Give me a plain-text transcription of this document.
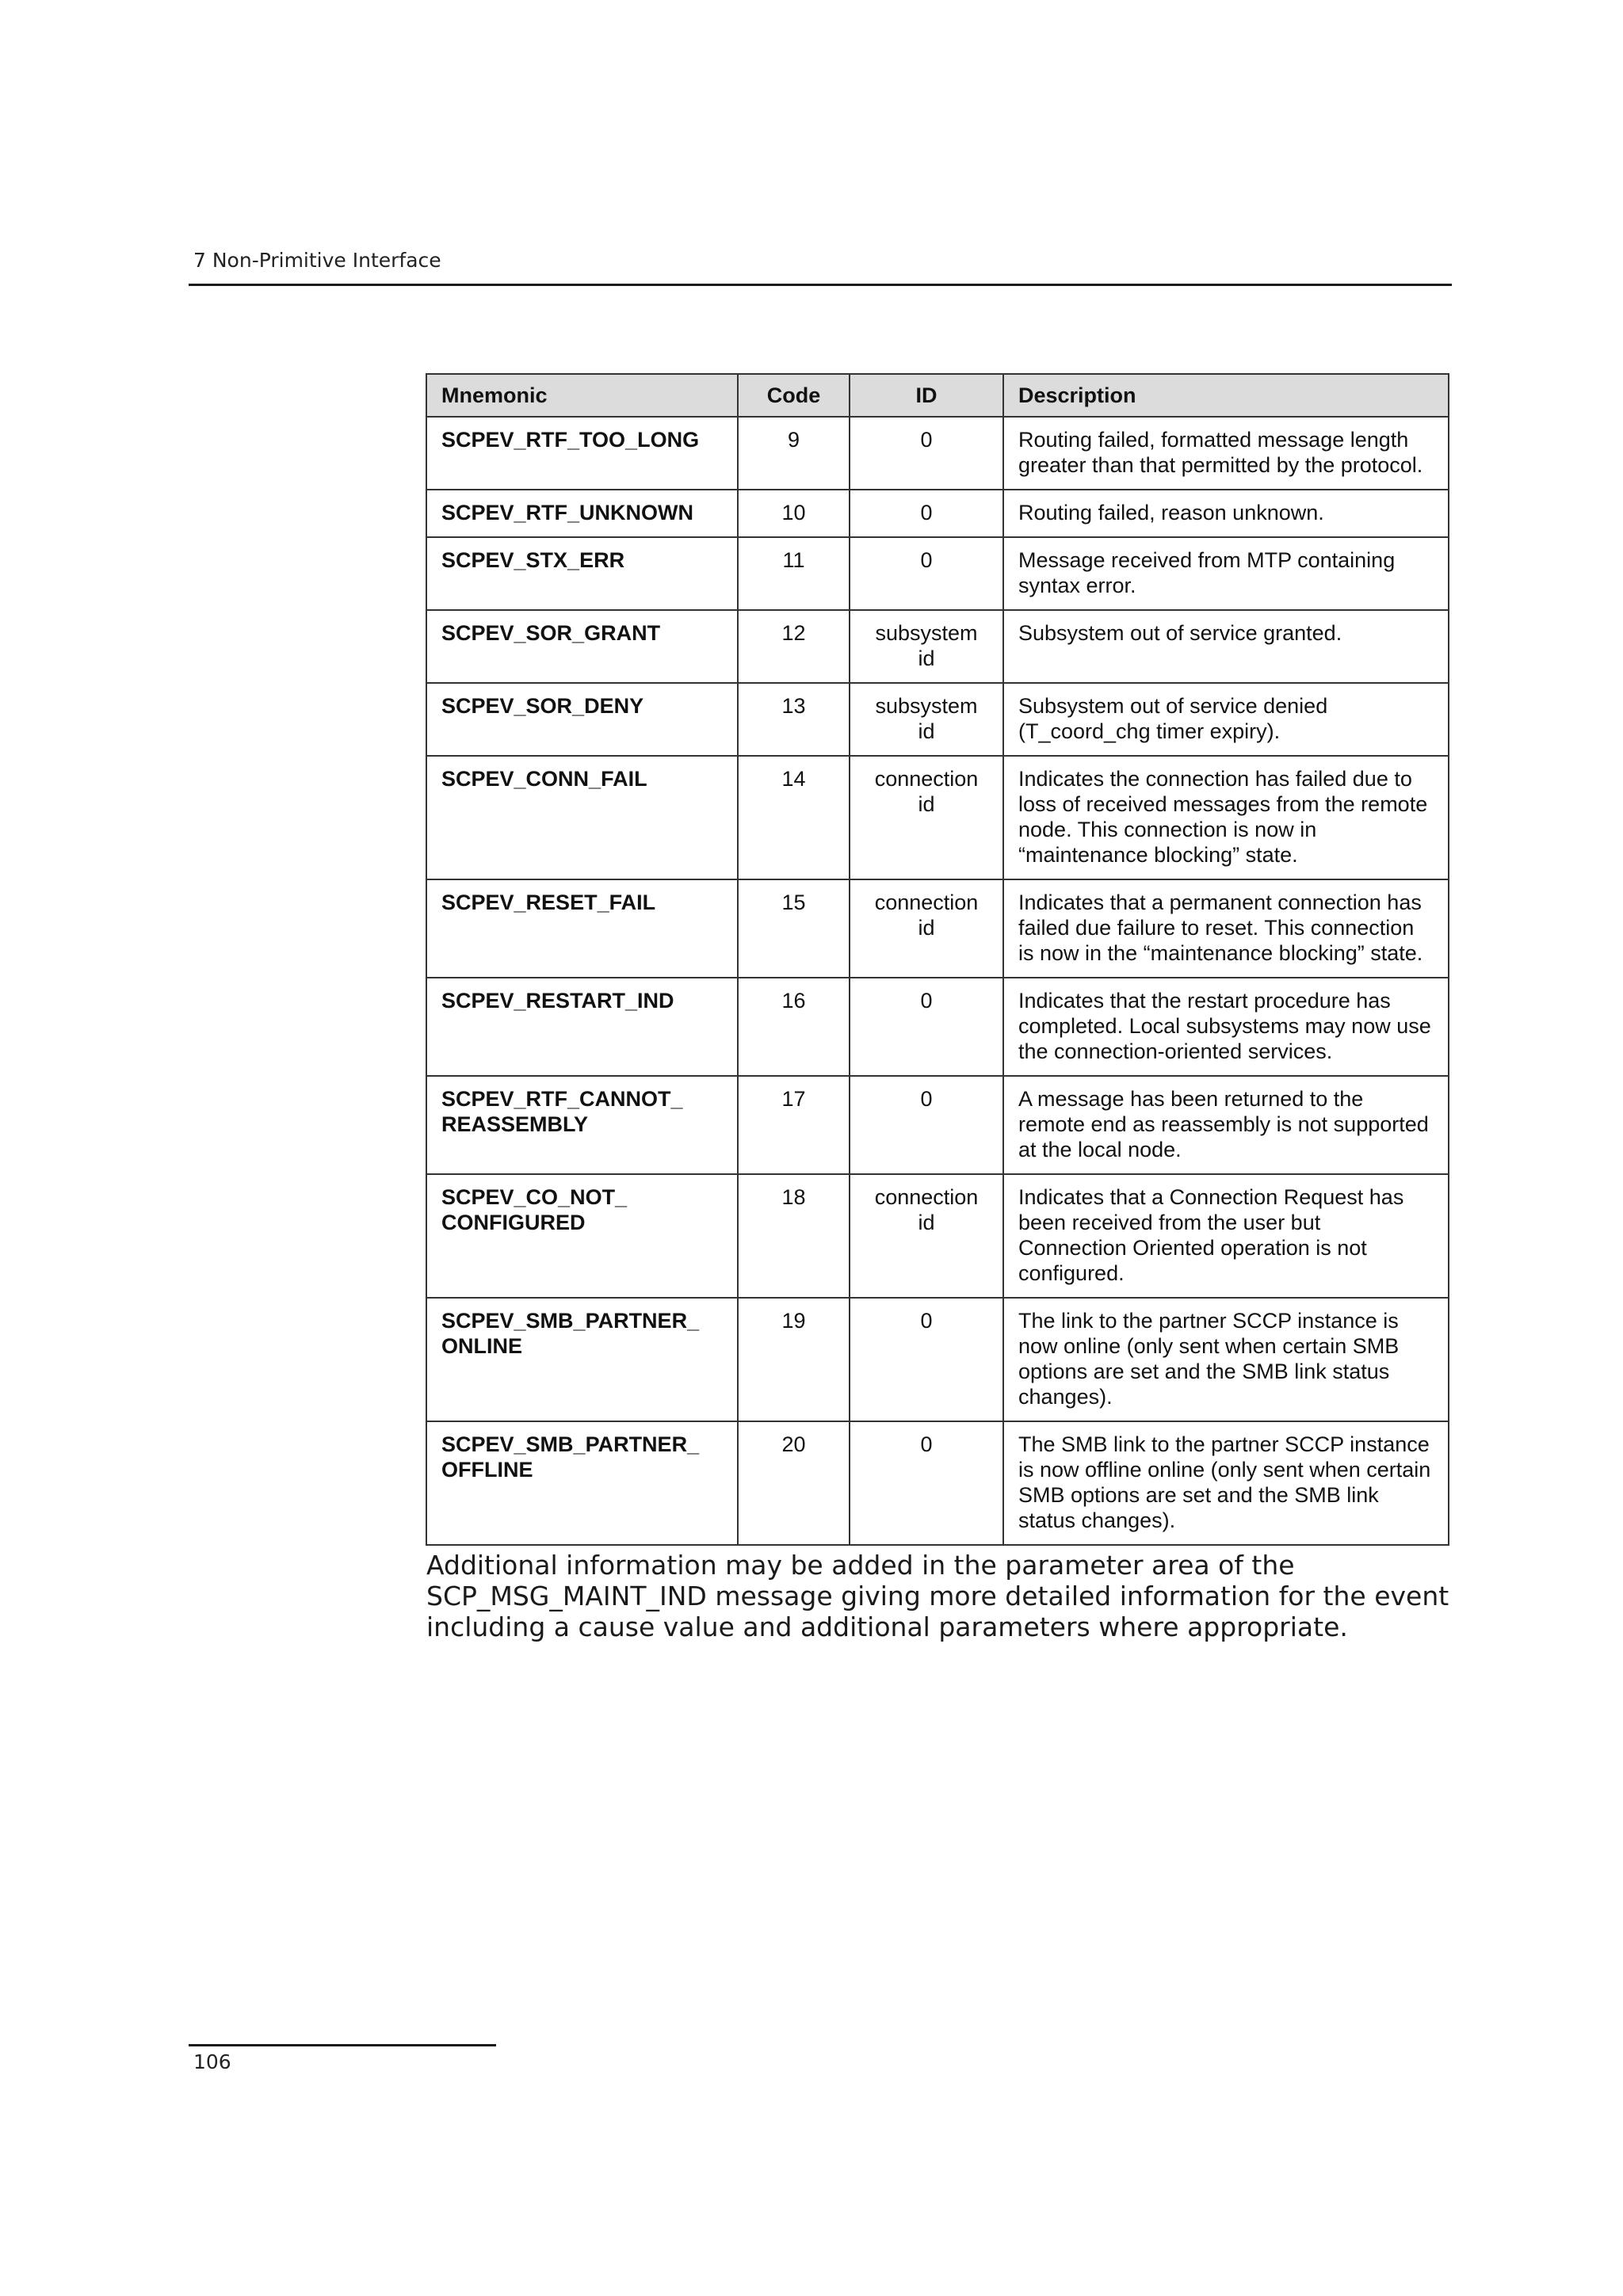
7 Non-Primitive Interface
Mnemonic	Code	ID	Description
SCPEV_RTF_TOO_LONG	9	0	Routing failed, formatted message length greater than that permitted by the protocol.
SCPEV_RTF_UNKNOWN	10	0	Routing failed, reason unknown.
SCPEV_STX_ERR	11	0	Message received from MTP containing syntax error.
SCPEV_SOR_GRANT	12	subsystem id	Subsystem out of service granted.
SCPEV_SOR_DENY	13	subsystem id	Subsystem out of service denied (T_coord_chg timer expiry).
SCPEV_CONN_FAIL	14	connection id	Indicates the connection has failed due to loss of received messages from the remote node. This connection is now in “maintenance blocking” state.
SCPEV_RESET_FAIL	15	connection id	Indicates that a permanent connection has failed due failure to reset. This connection is now in the “maintenance blocking” state.
SCPEV_RESTART_IND	16	0	Indicates that the restart procedure has completed. Local subsystems may now use the connection-oriented services.
SCPEV_RTF_CANNOT_
REASSEMBLY	17	0	A message has been returned to the remote end as reassembly is not supported at the local node.
SCPEV_CO_NOT_
CONFIGURED	18	connection id	Indicates that a Connection Request has been received from the user but Connection Oriented operation is not configured.
SCPEV_SMB_PARTNER_
ONLINE	19	0	The link to the partner SCCP instance is now online (only sent when certain SMB options are set and the SMB link status changes).
SCPEV_SMB_PARTNER_
OFFLINE	20	0	The SMB link to the partner SCCP instance is now offline online (only sent when certain SMB options are set and the SMB link status changes).
Additional information may be added in the parameter area of the SCP_MSG_MAINT_IND message giving more detailed information for the event including a cause value and additional parameters where appropriate.
106
